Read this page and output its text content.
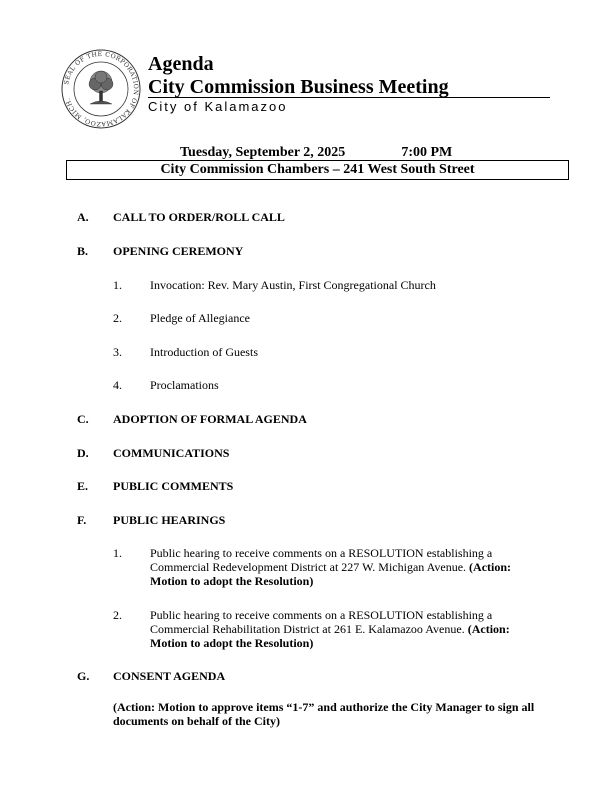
SEAL OF THE CORPORATION OF KALAMAZOO, MICH.
Agenda
City Commission Business Meeting
City of Kalamazoo
Tuesday, September 2, 2025	7:00 PM
City Commission Chambers – 241 West South Street
A. CALL TO ORDER/ROLL CALL
B. OPENING CEREMONY
1. Invocation: Rev. Mary Austin, First Congregational Church
2. Pledge of Allegiance
3. Introduction of Guests
4. Proclamations
C. ADOPTION OF FORMAL AGENDA
D. COMMUNICATIONS
E. PUBLIC COMMENTS
F. PUBLIC HEARINGS
1. Public hearing to receive comments on a RESOLUTION establishing a Commercial Redevelopment District at 227 W. Michigan Avenue. (Action: Motion to adopt the Resolution)
2. Public hearing to receive comments on a RESOLUTION establishing a Commercial Rehabilitation District at 261 E. Kalamazoo Avenue. (Action: Motion to adopt the Resolution)
G. CONSENT AGENDA
(Action: Motion to approve items “1-7” and authorize the City Manager to sign all documents on behalf of the City)
